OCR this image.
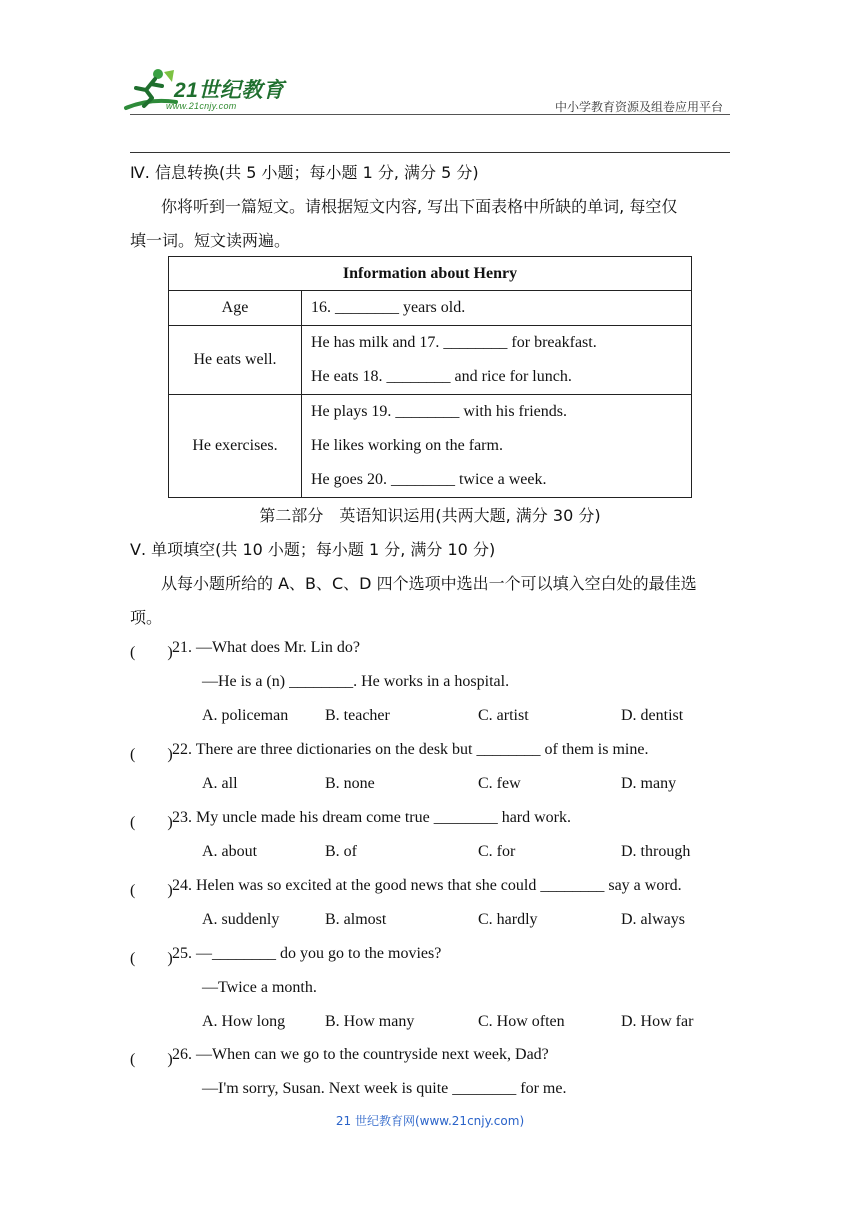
21世纪教育
www.21cnjy.com	中小学教育资源及组卷应用平台
Ⅳ. 信息转换(共 5 小题；每小题 1 分, 满分 5 分)
你将听到一篇短文。请根据短文内容, 写出下面表格中所缺的单词, 每空仅
填一词。短文读两遍。
Information about Henry	
Age	16. ________ years old.

He eats well.	He has milk and 17. ________ for breakfast.
He eats 18. ________ and rice for lunch.

He exercises.	He plays 19. ________ with his friends.
He likes working on the farm.
He goes 20. ________ twice a week.
第二部分　英语知识运用(共两大题, 满分 30 分)
Ⅴ. 单项填空(共 10 小题；每小题 1 分, 满分 10 分)
从每小题所给的 A、B、C、D 四个选项中选出一个可以填入空白处的最佳选
项。
(　　) 21. —What does Mr. Lin do?
—He is a (n) ________. He works in a hospital.
A. policeman B. teacher	C. artist	D. dentist
(　　) 22. There are three dictionaries on the desk but ________ of them is mine.
A. all	B. none	C. few	D. many
(　　) 23. My uncle made his dream come true ________ hard work.
A. about	B. of	C. for	D. through
(　　) 24. Helen was so excited at the good news that she could ________ say a word.
A. suddenly	B. almost	C. hardly	D. always
(　　) 25. —________ do you go to the movies?
—Twice a month.
A. How long B. How many	C. How often	D. How far
(　　) 26. —When can we go to the countryside next week, Dad?
—I'm sorry, Susan. Next week is quite ________ for me.
21 世纪教育网(www.21cnjy.com)
